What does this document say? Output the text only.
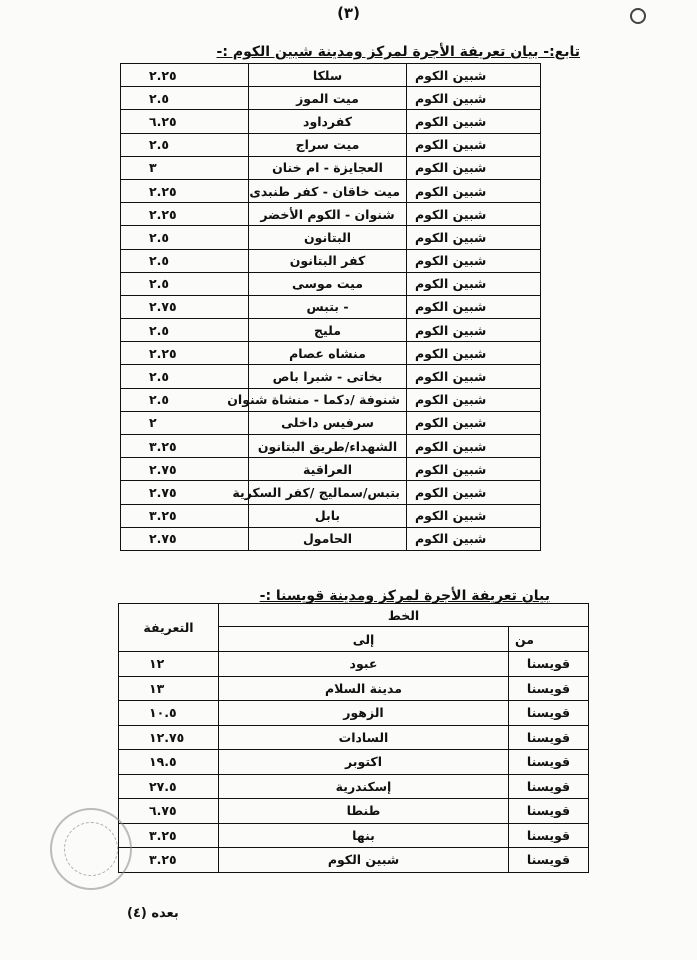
(٣)
تابع:- بيان تعريفة الأجرة لمركز ومدينة شبين الكوم :-
شبين الكوم	سلكا	٢.٢٥
شبين الكوم	ميت الموز	٢.٥
شبين الكوم	كفرداود	٦.٢٥
شبين الكوم	ميت سراج	٢.٥
شبين الكوم	العجايزة - ام خنان	٣
شبين الكوم	ميت خاقان - كفر طنبدى	٢.٢٥
شبين الكوم	شنوان - الكوم الأخضر	٢.٢٥
شبين الكوم	البتانون	٢.٥
شبين الكوم	كفر البتانون	٢.٥
شبين الكوم	ميت موسى	٢.٥
شبين الكوم	- بتبس	٢.٧٥
شبين الكوم	مليج	٢.٥
شبين الكوم	منشاه عصام	٢.٢٥
شبين الكوم	بخاتى - شبرا باص	٢.٥
شبين الكوم	شنوفة /دكما - منشاة شنوان	٢.٥
شبين الكوم	سرفيس داخلى	٢
شبين الكوم	الشهداء/طريق البتانون	٣.٢٥
شبين الكوم	العراقية	٢.٧٥
شبين الكوم	بتبس/سماليج /كفر السكرية	٢.٧٥
شبين الكوم	بابل	٣.٢٥
شبين الكوم	الحامول	٢.٧٥
بيان تعريفة الأجرة لمركز ومدينة قويسنا :-
الخط		التعريفة
من	إلى	
قويسنا	عبود	١٢
قويسنا	مدينة السلام	١٣
قويسنا	الزهور	١٠.٥
قويسنا	السادات	١٢.٧٥
قويسنا	اكتوبر	١٩.٥
قويسنا	إسكندرية	٢٧.٥
قويسنا	طنطا	٦.٧٥
قويسنا	بنها	٣.٢٥
قويسنا	شبين الكوم	٣.٢٥
بعده (٤)
